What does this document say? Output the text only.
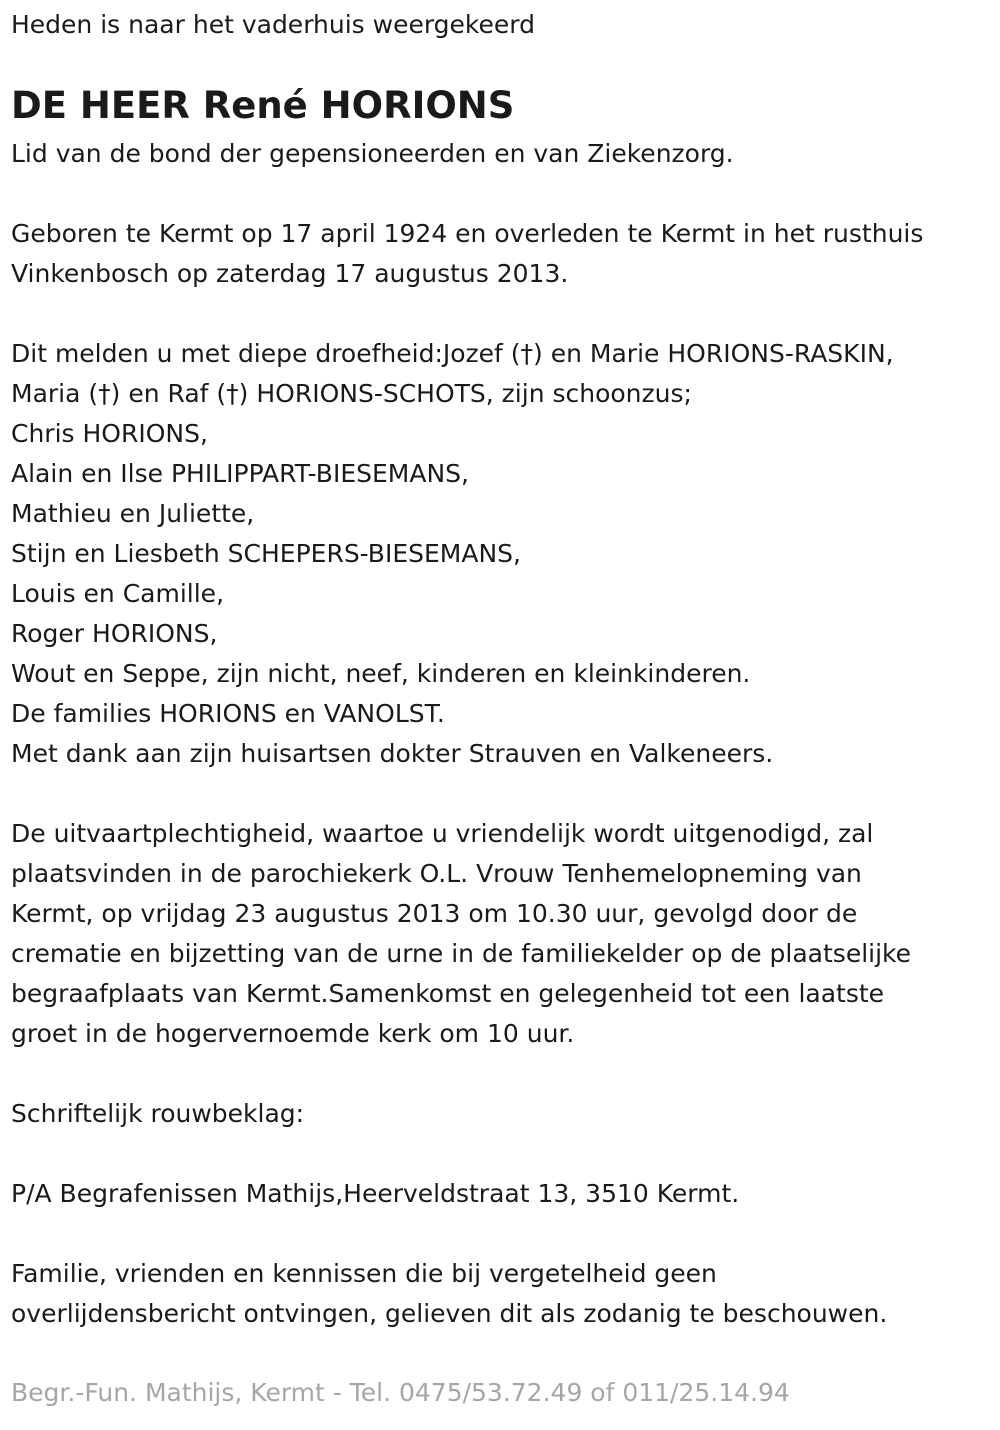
Heden is naar het vaderhuis weergekeerd
DE HEER René HORIONS
Lid van de bond der gepensioneerden en van Ziekenzorg.
Geboren te Kermt op 17 april 1924 en overleden te Kermt in het rusthuis
Vinkenbosch op zaterdag 17 augustus 2013.
Dit melden u met diepe droefheid:Jozef (†) en Marie HORIONS-RASKIN,
Maria (†) en Raf (†) HORIONS-SCHOTS, zijn schoonzus;
Chris HORIONS,
Alain en Ilse PHILIPPART-BIESEMANS,
Mathieu en Juliette,
Stijn en Liesbeth SCHEPERS-BIESEMANS,
Louis en Camille,
Roger HORIONS,
Wout en Seppe, zijn nicht, neef, kinderen en kleinkinderen.
De families HORIONS en VANOLST.
Met dank aan zijn huisartsen dokter Strauven en Valkeneers.
De uitvaartplechtigheid, waartoe u vriendelijk wordt uitgenodigd, zal
plaatsvinden in de parochiekerk O.L. Vrouw Tenhemelopneming van
Kermt, op vrijdag 23 augustus 2013 om 10.30 uur, gevolgd door de
crematie en bijzetting van de urne in de familiekelder op de plaatselijke
begraafplaats van Kermt.Samenkomst en gelegenheid tot een laatste
groet in de hogervernoemde kerk om 10 uur.
Schriftelijk rouwbeklag:
P/A Begrafenissen Mathijs,Heerveldstraat 13, 3510 Kermt.
Familie, vrienden en kennissen die bij vergetelheid geen
overlijdensbericht ontvingen, gelieven dit als zodanig te beschouwen.
Begr.-Fun. Mathijs, Kermt - Tel. 0475/53.72.49 of 011/25.14.94
